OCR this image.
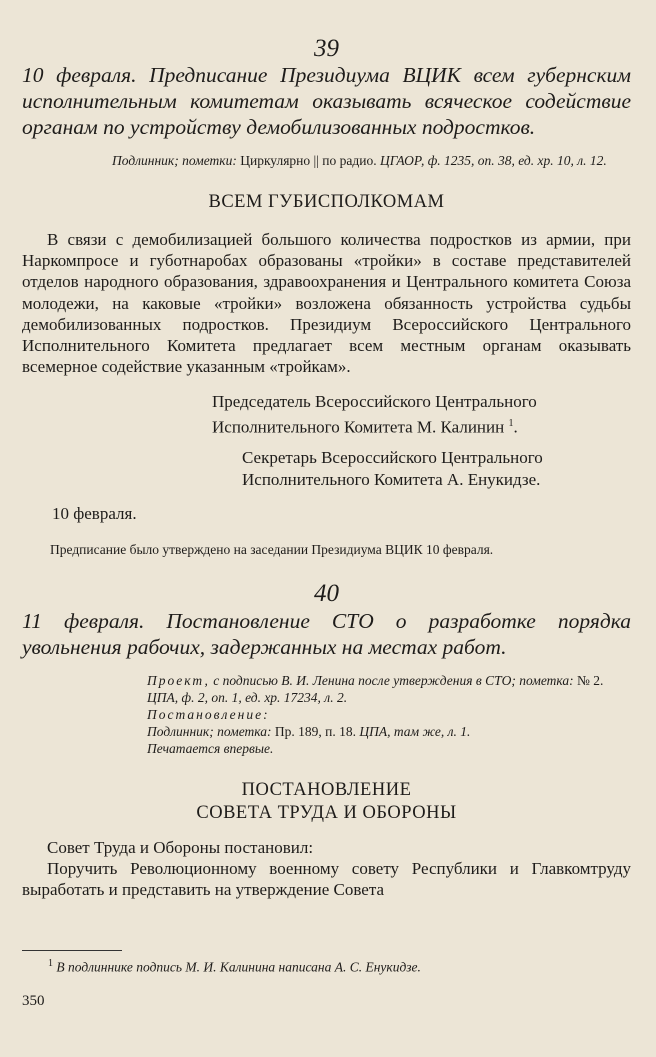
39

10 февраля. Предписание Президиума ВЦИК всем губернским исполнительным комитетам оказывать всяческое содействие органам по устройству демобилизованных подростков.

Подлинник; пометки: Циркулярно || по радио. ЦГАОР, ф. 1235, оп. 38, ед. хр. 10, л. 12.
ВСЕМ ГУБИСПОЛКОМАМ

В связи с демобилизацией большого количества подростков из армии, при Наркомпросе и губотнаробах образованы «тройки» в составе представителей отделов народного образования, здравоохранения и Центрального комитета Союза молодежи, на каковые «тройки» возложена обязанность устройства судьбы демобилизованных подростков. Президиум Всероссийского Центрального Исполнительного Комитета предлагает всем местным органам оказывать всемерное содействие указанным «тройкам».

Председатель Всероссийского Центрального
Исполнительного Комитета М. Калинин $^1$.

Секретарь Всероссийского Центрального
Исполнительного Комитета А. Енукидзе.

10 февраля.
Предписание было утверждено на заседании Президиума ВЦИК 10 февраля.
40

11 февраля. Постановление СТО о разработке порядка увольнения рабочих, задержанных на местах работ.

Проект, с подписью В. И. Ленина после утверждения в СТО; пометка: № 2. ЦПА, ф. 2, оп. 1, ед. хр. 17234, л. 2.
Постановление:
Подлинник; пометка: Пр. 189, п. 18. ЦПА, там же, л. 1.
Печатается впервые.
ПОСТАНОВЛЕНИЕ
СОВЕТА ТРУДА И ОБОРОНЫ

Совет Труда и Обороны постановил:

Поручить Революционному военному совету Республики и Главкомтруду выработать и представить на утверждение Совета

$^1$ В подлиннике подпись М. И. Калинина написана А. С. Енукидзе.
350
